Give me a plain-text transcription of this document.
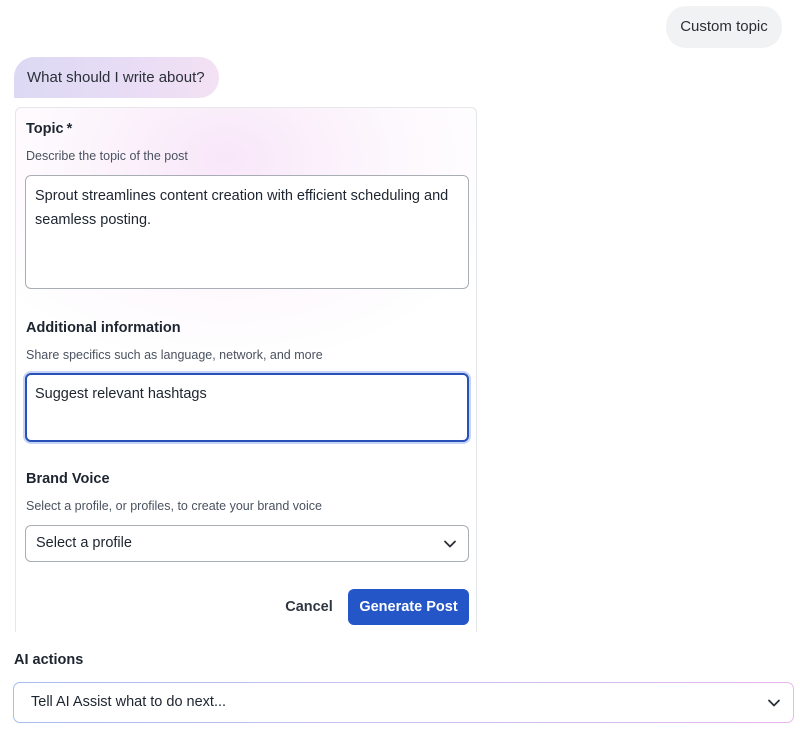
Custom topic
What should I write about?
Topic *
Describe the topic of the post
Sprout streamlines content creation with efficient scheduling and seamless posting.
Additional information
Share specifics such as language, network, and more
Suggest relevant hashtags
Brand Voice
Select a profile, or profiles, to create your brand voice
Select a profile
Cancel	Generate Post
AI actions
Tell AI Assist what to do next...
